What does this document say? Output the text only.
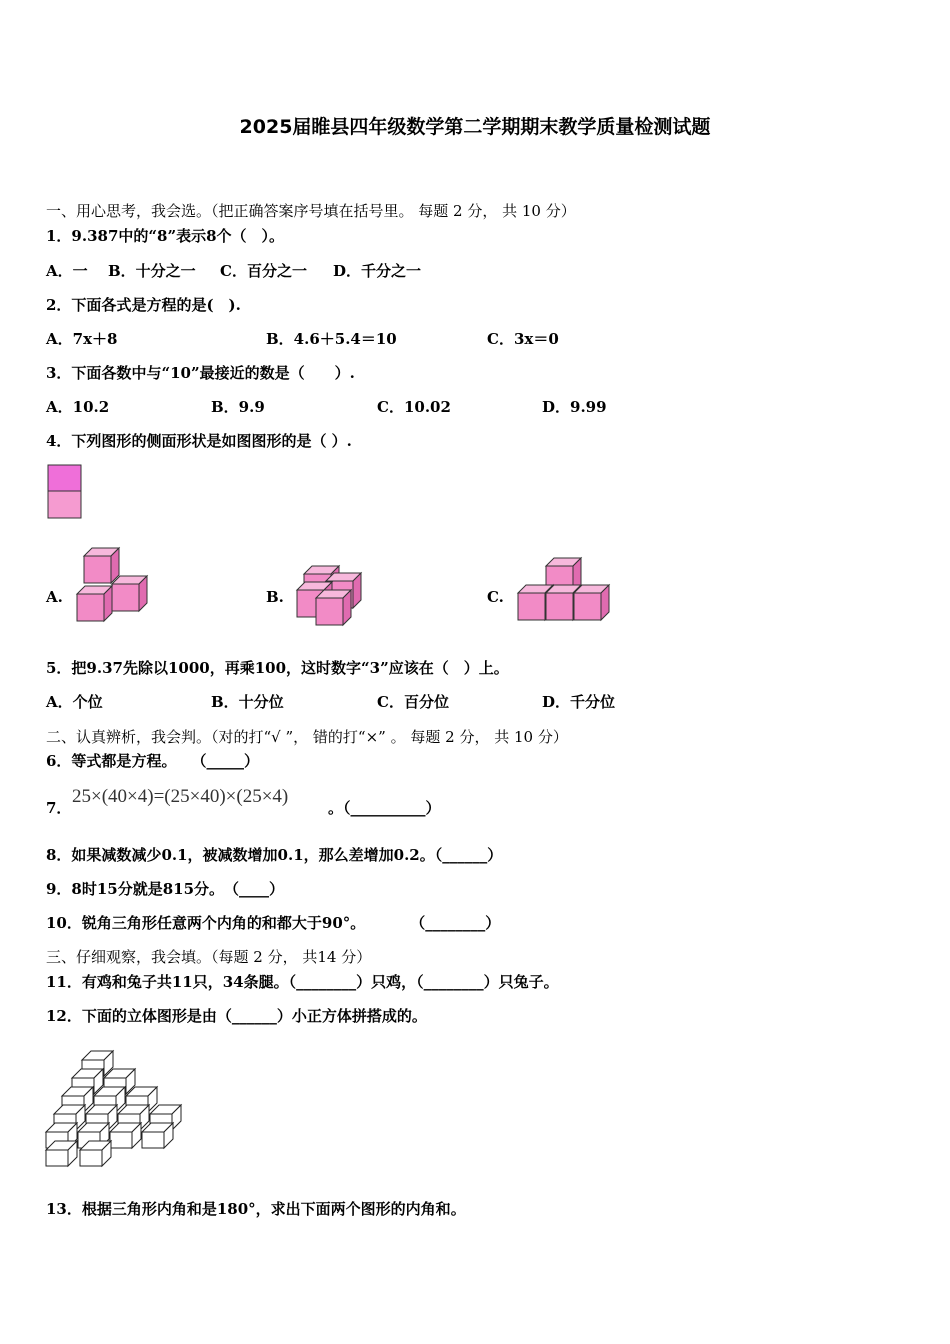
2025届睢县四年级数学第二学期期末教学质量检测试题
一、用心思考，我会选。（把正确答案序号填在括号里。 每题 2 分， 共 10 分）
1．9.387中的“8”表示8个（　）。
A．一 B．十分之一 C．百分之一 D．千分之一
2．下面各式是方程的是(　).
A．7x＋8	B．4.6＋5.4＝10	C．3x＝0
3．下面各数中与“10”最接近的数是（　　）.
A．10.2	B．9.9	C．10.02	D．9.99
4．下列图形的侧面形状是如图图形的是（ ）.
A.	B.	C.
5．把9.37先除以1000，再乘100，这时数字“3”应该在（　）上。
A．个位	B．十分位	C．百分位	D．千分位
二、认真辨析，我会判。（对的打“√ ”， 错的打“×” 。 每题 2 分， 共 10 分）
6．等式都是方程。　　（_____）
7．
25×(40×4)=(25×40)×(25×4)
。（__________）
8．如果减数减少0.1，被减数增加0.1，那么差增加0.2。（______）
9．8时15分就是815分。　（____）
10．锐角三角形任意两个内角的和都大于90°。　　　　（________）
三、仔细观察，我会填。（每题 2 分， 共14 分）
11．有鸡和兔子共11只，34条腿。（________）只鸡，（________）只兔子。
12．下面的立体图形是由（______）小正方体拼搭成的。
13．根据三角形内角和是180°，求出下面两个图形的内角和。
